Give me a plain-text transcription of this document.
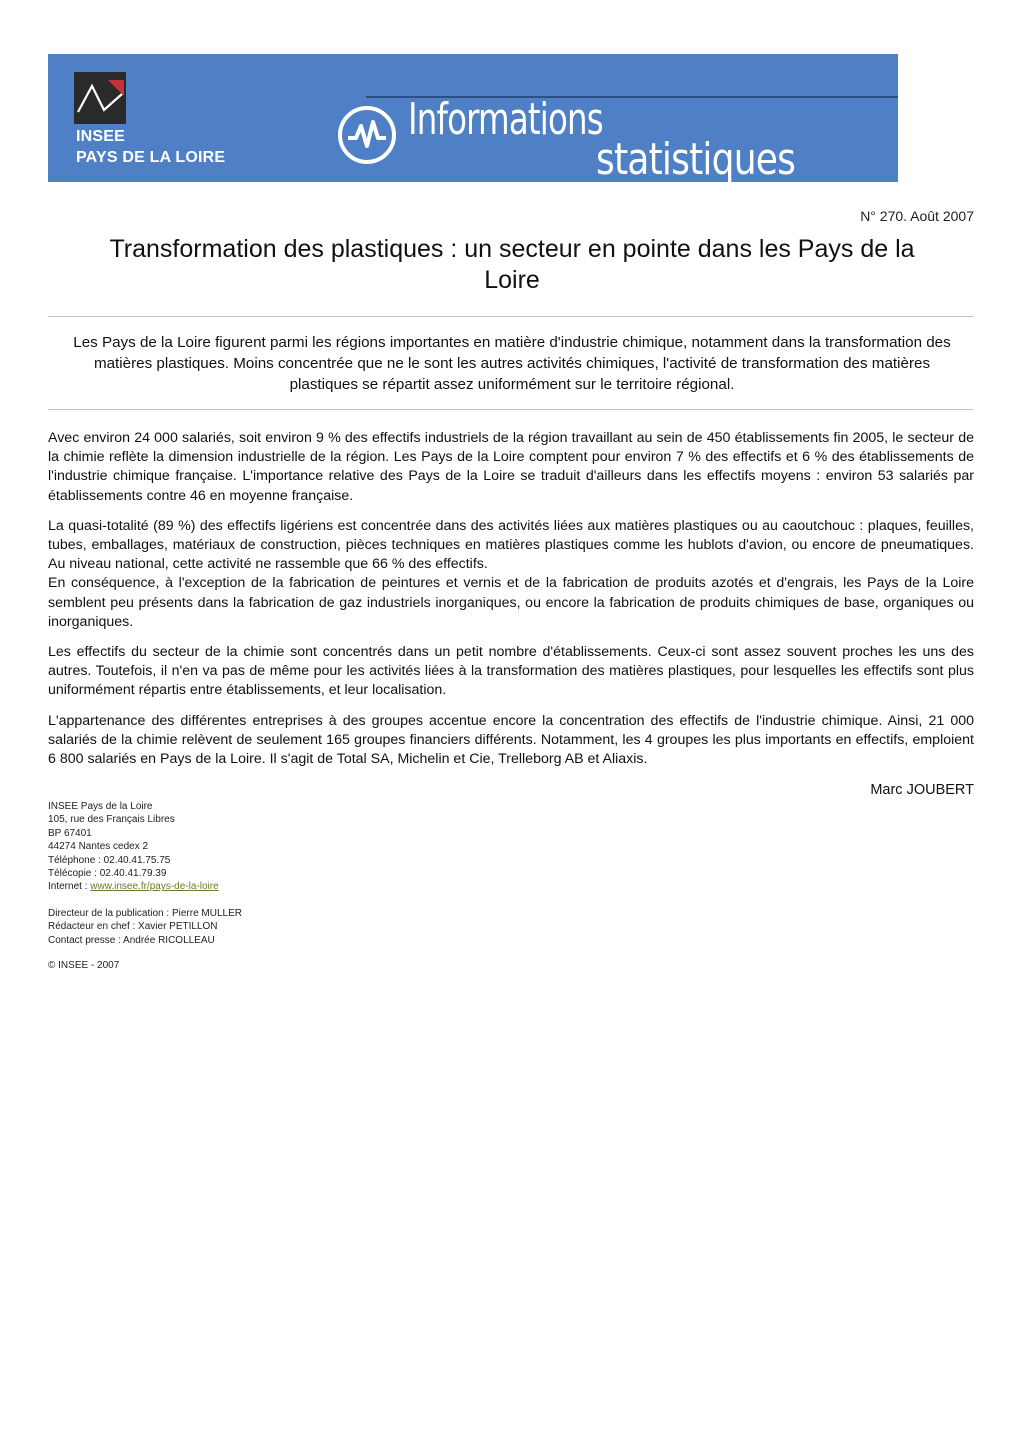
INSEE
PAYS DE LA LOIRE
Informations
statistiques
N° 270. Août 2007
Transformation des plastiques : un secteur en pointe dans les Pays de la Loire
Les Pays de la Loire figurent parmi les régions importantes en matière d'industrie chimique, notamment dans la transformation des matières plastiques. Moins concentrée que ne le sont les autres activités chimiques, l'activité de transformation des matières plastiques se répartit assez uniformément sur le territoire régional.

Avec environ 24 000 salariés, soit environ 9 % des effectifs industriels de la région travaillant au sein de 450 établissements fin 2005, le secteur de la chimie reflète la dimension industrielle de la région. Les Pays de la Loire comptent pour environ 7 % des effectifs et 6 % des établissements de l'industrie chimique française. L'importance relative des Pays de la Loire se traduit d'ailleurs dans les effectifs moyens : environ 53 salariés par établissements contre 46 en moyenne française.

La quasi-totalité (89 %) des effectifs ligériens est concentrée dans des activités liées aux matières plastiques ou au caoutchouc : plaques, feuilles, tubes, emballages, matériaux de construction, pièces techniques en matières plastiques comme les hublots d'avion, ou encore de pneumatiques. Au niveau national, cette activité ne rassemble que 66 % des effectifs.

En conséquence, à l'exception de la fabrication de peintures et vernis et de la fabrication de produits azotés et d'engrais, les Pays de la Loire semblent peu présents dans la fabrication de gaz industriels inorganiques, ou encore la fabrication de produits chimiques de base, organiques ou inorganiques.

Les effectifs du secteur de la chimie sont concentrés dans un petit nombre d'établissements. Ceux-ci sont assez souvent proches les uns des autres. Toutefois, il n'en va pas de même pour les activités liées à la transformation des matières plastiques, pour lesquelles les effectifs sont plus uniformément répartis entre établissements, et leur localisation.

L'appartenance des différentes entreprises à des groupes accentue encore la concentration des effectifs de l'industrie chimique. Ainsi, 21 000 salariés de la chimie relèvent de seulement 165 groupes financiers différents. Notamment, les 4 groupes les plus importants en effectifs, emploient 6 800 salariés en Pays de la Loire. Il s'agit de Total SA, Michelin et Cie, Trelleborg AB et Aliaxis.

Marc JOUBERT
INSEE Pays de la Loire
105, rue des Français Libres
BP 67401
44274 Nantes cedex 2
Téléphone : 02.40.41.75.75
Télécopie : 02.40.41.79.39
Internet : www.insee.fr/pays-de-la-loire
Directeur de la publication : Pierre MULLER
Rédacteur en chef : Xavier PETILLON
Contact presse : Andrée RICOLLEAU
© INSEE - 2007
